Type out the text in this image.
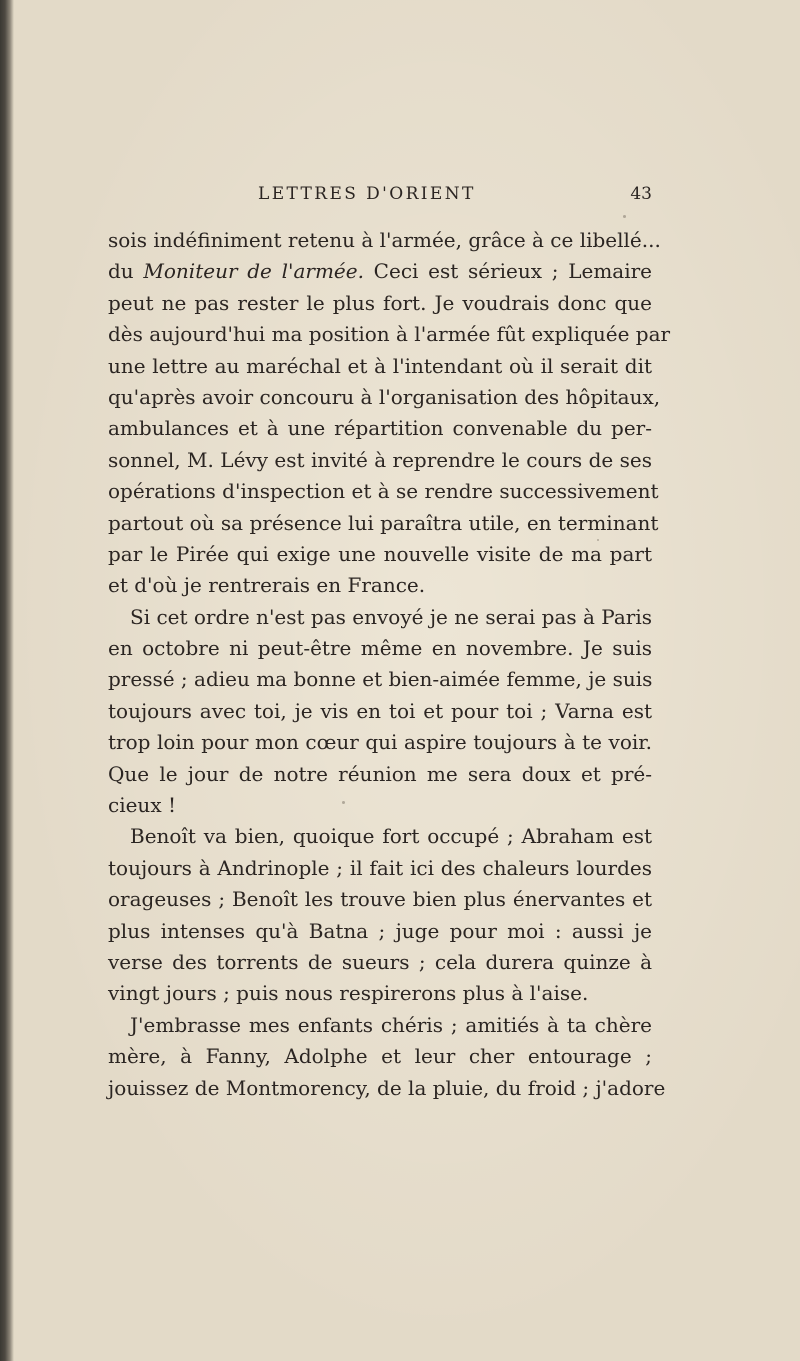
LETTRES D'ORIENT	43
sois indéfiniment retenu à l'armée, grâce à ce libellé...
du Moniteur de l'armée. Ceci est sérieux ; Lemaire
peut ne pas rester le plus fort. Je voudrais donc que
dès aujourd'hui ma position à l'armée fût expliquée par
une lettre au maréchal et à l'intendant où il serait dit
qu'après avoir concouru à l'organisation des hôpitaux,
ambulances et à une répartition convenable du per-
sonnel, M. Lévy est invité à reprendre le cours de ses
opérations d'inspection et à se rendre successivement
partout où sa présence lui paraîtra utile, en terminant
par le Pirée qui exige une nouvelle visite de ma part
et d'où je rentrerais en France.
Si cet ordre n'est pas envoyé je ne serai pas à Paris
en octobre ni peut-être même en novembre. Je suis
pressé ; adieu ma bonne et bien-aimée femme, je suis
toujours avec toi, je vis en toi et pour toi ; Varna est
trop loin pour mon cœur qui aspire toujours à te voir.
Que le jour de notre réunion me sera doux et pré-
cieux !
Benoît va bien, quoique fort occupé ; Abraham est
toujours à Andrinople ; il fait ici des chaleurs lourdes
orageuses ; Benoît les trouve bien plus énervantes et
plus intenses qu'à Batna ; juge pour moi : aussi je
verse des torrents de sueurs ; cela durera quinze à
vingt jours ; puis nous respirerons plus à l'aise.
J'embrasse mes enfants chéris ; amitiés à ta chère
mère, à Fanny, Adolphe et leur cher entourage ;
jouissez de Montmorency, de la pluie, du froid ; j'adore
